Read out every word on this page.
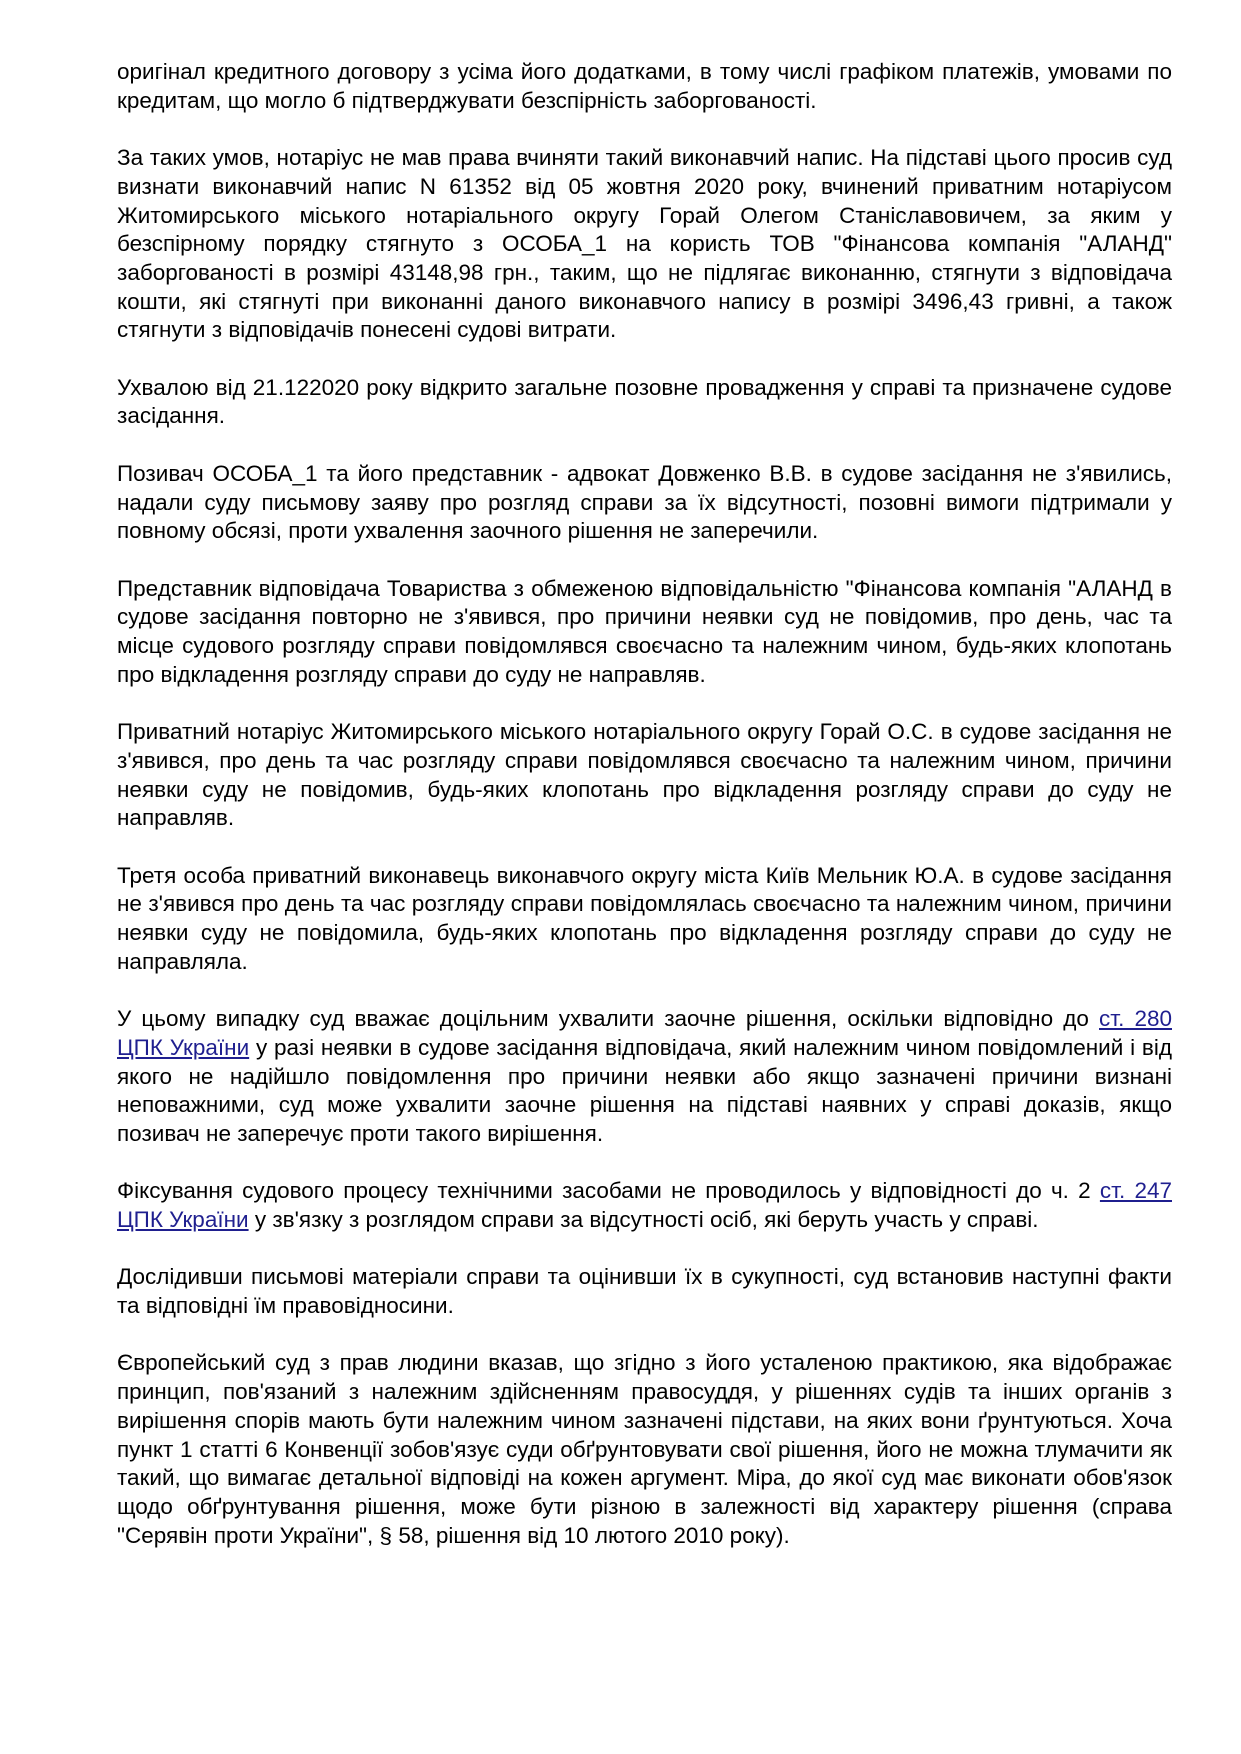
оригінал кредитного договору з усіма його додатками, в тому числі графіком платежів, умовами по кредитам, що могло б підтверджувати безспірність заборгованості.

За таких умов, нотаріус не мав права вчиняти такий виконавчий напис. На підставі цього просив суд визнати виконавчий напис N 61352 від 05 жовтня 2020 року, вчинений приватним нотаріусом Житомирського міського нотаріального округу Горай Олегом Станіславовичем, за яким у безспірному порядку стягнуто з ОСОБА_1 на користь ТОВ "Фінансова компанія "АЛАНД" заборгованості в розмірі 43148,98 грн., таким, що не підлягає виконанню, стягнути з відповідача кошти, які стягнуті при виконанні даного виконавчого напису в розмірі 3496,43 гривні, а також стягнути з відповідачів понесені судові витрати.

Ухвалою від 21.122020 року відкрито загальне позовне провадження у справі та призначене судове засідання.

Позивач ОСОБА_1 та його представник - адвокат Довженко В.В. в судове засідання не з'явились, надали суду письмову заяву про розгляд справи за їх відсутності, позовні вимоги підтримали у повному обсязі, проти ухвалення заочного рішення не заперечили.

Представник відповідача Товариства з обмеженою відповідальністю "Фінансова компанія "АЛАНД в судове засідання повторно не з'явився, про причини неявки суд не повідомив, про день, час та місце судового розгляду справи повідомлявся своєчасно та належним чином, будь-яких клопотань про відкладення розгляду справи до суду не направляв.

Приватний нотаріус Житомирського міського нотаріального округу Горай О.С. в судове засідання не з'явився, про день та час розгляду справи повідомлявся своєчасно та належним чином, причини неявки суду не повідомив, будь-яких клопотань про відкладення розгляду справи до суду не направляв.

Третя особа приватний виконавець виконавчого округу міста Київ Мельник Ю.А. в судове засідання не з'явився про день та час розгляду справи повідомлялась своєчасно та належним чином, причини неявки суду не повідомила, будь-яких клопотань про відкладення розгляду справи до суду не направляла.

У цьому випадку суд вважає доцільним ухвалити заочне рішення, оскільки відповідно до ст. 280 ЦПК України у разі неявки в судове засідання відповідача, який належним чином повідомлений і від якого не надійшло повідомлення про причини неявки або якщо зазначені причини визнані неповажними, суд може ухвалити заочне рішення на підставі наявних у справі доказів, якщо позивач не заперечує проти такого вирішення.

Фіксування судового процесу технічними засобами не проводилось у відповідності до ч. 2 ст. 247 ЦПК України у зв'язку з розглядом справи за відсутності осіб, які беруть участь у справі.

Дослідивши письмові матеріали справи та оцінивши їх в сукупності, суд встановив наступні факти та відповідні їм правовідносини.

Європейський суд з прав людини вказав, що згідно з його усталеною практикою, яка відображає принцип, пов'язаний з належним здійсненням правосуддя, у рішеннях судів та інших органів з вирішення спорів мають бути належним чином зазначені підстави, на яких вони ґрунтуються. Хоча пункт 1 статті 6 Конвенції зобов'язує суди обґрунтовувати свої рішення, його не можна тлумачити як такий, що вимагає детальної відповіді на кожен аргумент. Міра, до якої суд має виконати обов'язок щодо обґрунтування рішення, може бути різною в залежності від характеру рішення (справа "Серявін проти України", § 58, рішення від 10 лютого 2010 року).
